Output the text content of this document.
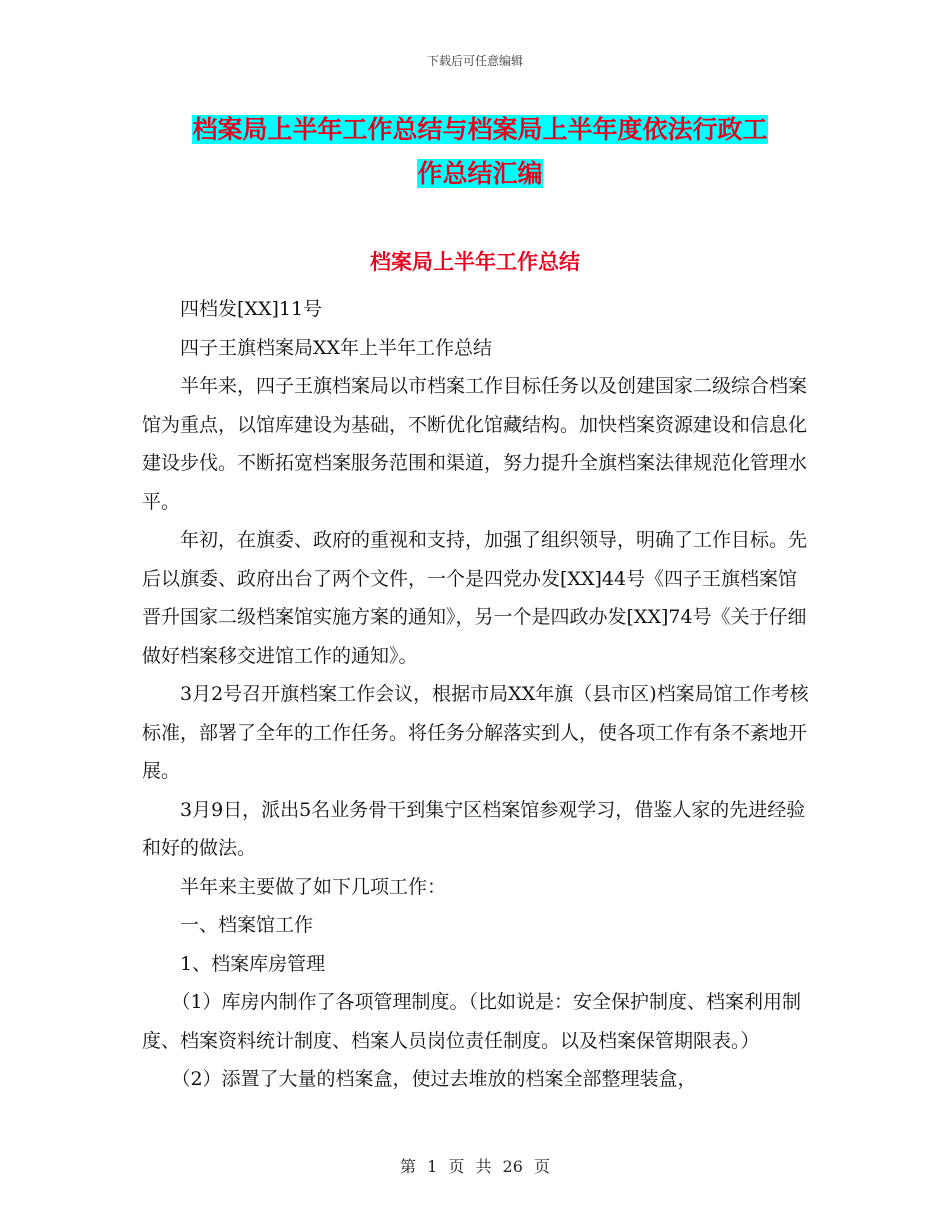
下载后可任意编辑
档案局上半年工作总结与档案局上半年度依法行政工
作总结汇编
档案局上半年工作总结

四档发[XX]11号

四子王旗档案局XX年上半年工作总结

半年来，四子王旗档案局以市档案工作目标任务以及创建国家二级综合档案馆为重点，以馆库建设为基础，不断优化馆藏结构。加快档案资源建设和信息化建设步伐。不断拓宽档案服务范围和渠道，努力提升全旗档案法律规范化管理水平。

年初，在旗委、政府的重视和支持，加强了组织领导，明确了工作目标。先后以旗委、政府出台了两个文件，一个是四党办发[XX]44号《四子王旗档案馆晋升国家二级档案馆实施方案的通知》，另一个是四政办发[XX]74号《关于仔细做好档案移交进馆工作的通知》。

3月2号召开旗档案工作会议，根据市局XX年旗（县市区)档案局馆工作考核标准，部署了全年的工作任务。将任务分解落实到人，使各项工作有条不紊地开展。

3月9日，派出5名业务骨干到集宁区档案馆参观学习，借鉴人家的先进经验和好的做法。

半年来主要做了如下几项工作：

一、档案馆工作

1、档案库房管理

（1）库房内制作了各项管理制度。（比如说是：安全保护制度、档案利用制度、档案资料统计制度、档案人员岗位责任制度。以及档案保管期限表。）

（2）添置了大量的档案盒，使过去堆放的档案全部整理装盒，

第 1 页 共 26 页
